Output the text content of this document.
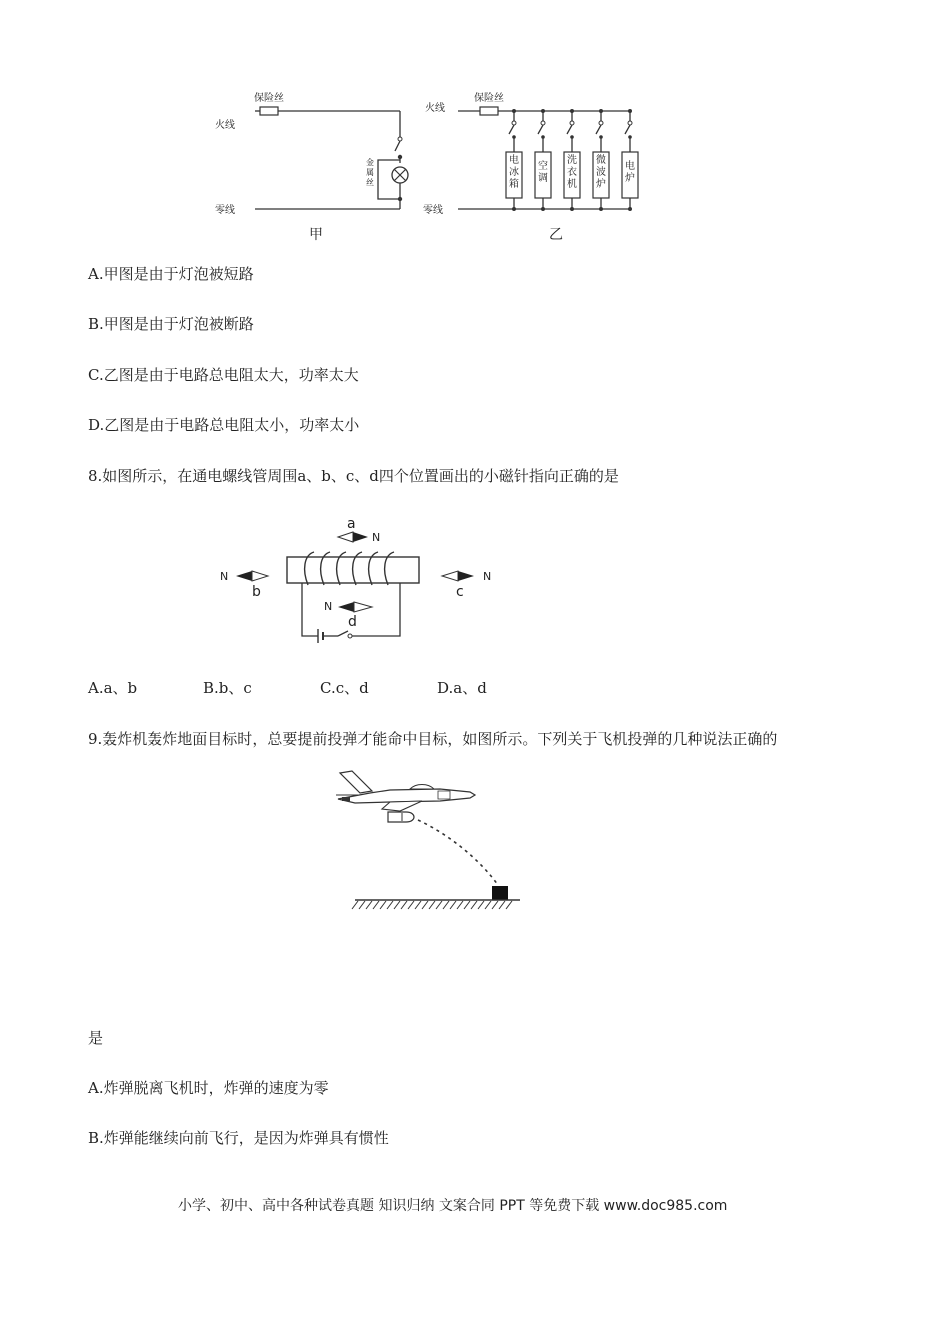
保险丝
火线
零线
金
属
丝
甲
保险丝
火线
零线
乙
电
冰
箱
空
调
洗
衣
机
微
波
炉
电
炉
A.甲图是由于灯泡被短路
B.甲图是由于灯泡被断路
C.乙图是由于电路总电阻太大，功率太大
D.乙图是由于电路总电阻太小，功率太小
8.如图所示，在通电螺线管周围a、b、c、d四个位置画出的小磁针指向正确的是
a
N
N
b
N
c
N
d
A.a、b	B.b、c	C.c、d	D.a、d
9.轰炸机轰炸地面目标时，总要提前投弹才能命中目标，如图所示。下列关于飞机投弹的几种说法正确的
是
A.炸弹脱离飞机时，炸弹的速度为零
B.炸弹能继续向前飞行，是因为炸弹具有惯性
小学、初中、高中各种试卷真题 知识归纳 文案合同 PPT 等免费下载 www.doc985.com
